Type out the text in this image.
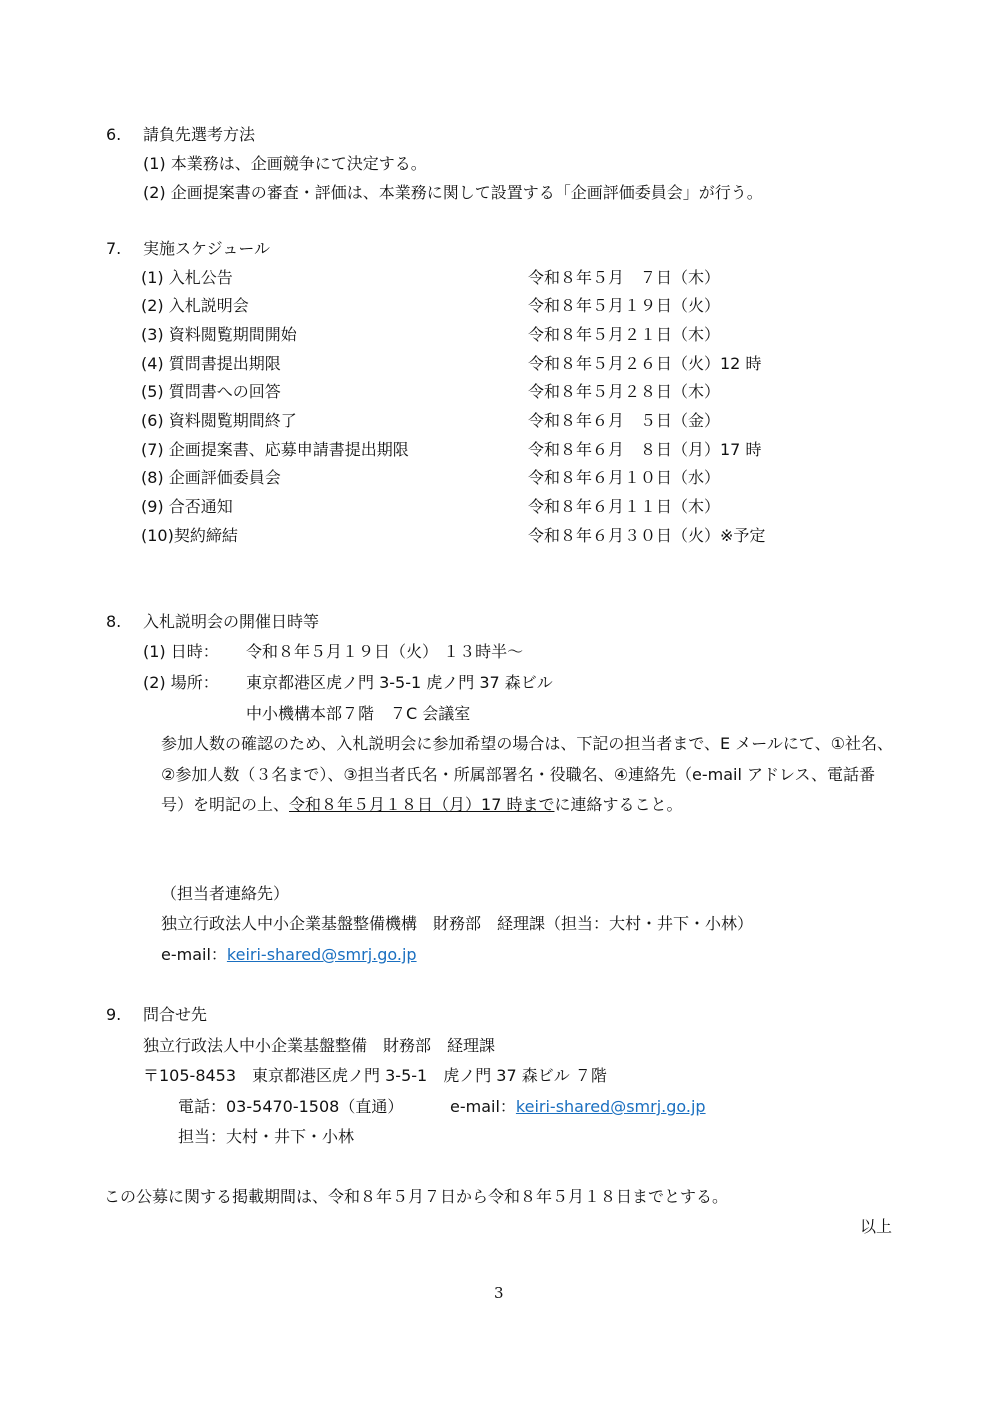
6. 請負先選考方法
(1) 本業務は、企画競争にて決定する。
(2) 企画提案書の審査・評価は、本業務に関して設置する「企画評価委員会」が行う。
7. 実施スケジュール
(1) 入札公告	令和８年５月　７日（木）
(2) 入札説明会	令和８年５月１９日（火）
(3) 資料閲覧期間開始	令和８年５月２１日（木）
(4) 質問書提出期限	令和８年５月２６日（火）12 時
(5) 質問書への回答	令和８年５月２８日（木）
(6) 資料閲覧期間終了	令和８年６月　５日（金）
(7) 企画提案書、応募申請書提出期限	令和８年６月　８日（月）17 時
(8) 企画評価委員会	令和８年６月１０日（水）
(9) 合否通知	令和８年６月１１日（木）
(10)契約締結	令和８年６月３０日（火）※予定
8. 入札説明会の開催日時等
(1) 日時： 令和８年５月１９日（火） １３時半～
(2) 場所： 東京都港区虎ノ門 3-5-1 虎ノ門 37 森ビル
中小機構本部７階　７C 会議室
参加人数の確認のため、入札説明会に参加希望の場合は、下記の担当者まで、E メールにて、①社名、
②参加人数（３名まで）、③担当者氏名・所属部署名・役職名、④連絡先（e-mail アドレス、電話番
号）を明記の上、令和８年５月１８日（月）17 時までに連絡すること。
（担当者連絡先）
独立行政法人中小企業基盤整備機構　財務部　経理課（担当：大村・井下・小林）
e-mail：keiri-shared@smrj.go.jp
9. 問合せ先
独立行政法人中小企業基盤整備　財務部　経理課
〒105-8453　東京都港区虎ノ門 3-5-1　虎ノ門 37 森ビル ７階
電話：03-5470-1508（直通）	e-mail：keiri-shared@smrj.go.jp
担当：大村・井下・小林
この公募に関する掲載期間は、令和８年５月７日から令和８年５月１８日までとする。
以上
3
